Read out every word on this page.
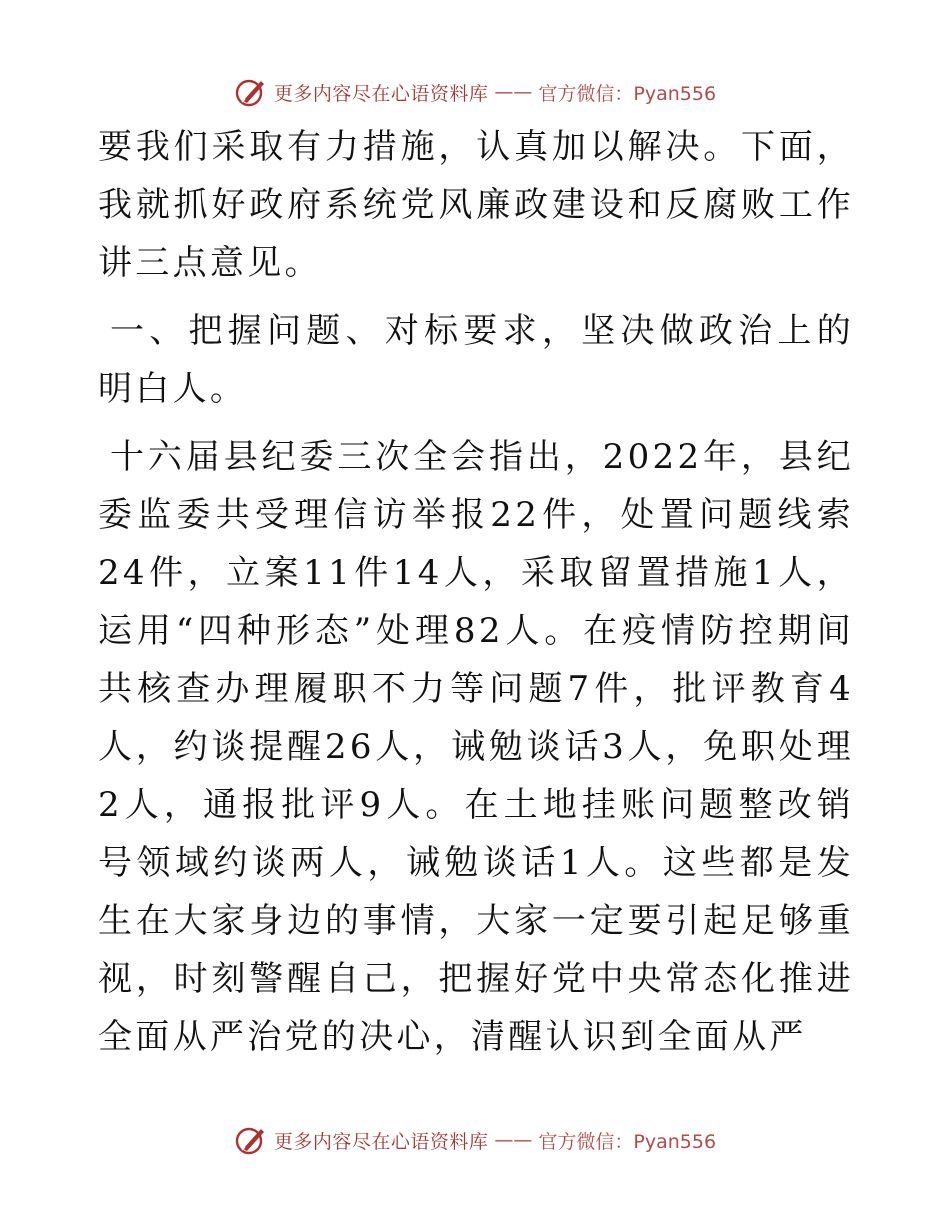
更多内容尽在心语资料库 —— 官方微信：Pyan556

要我们采取有力措施，认真加以解决。下面，我就抓好政府系统党风廉政建设和反腐败工作讲三点意见。

一、把握问题、对标要求，坚决做政治上的明白人。

十六届县纪委三次全会指出，2022年，县纪委监委共受理信访举报22件，处置问题线索24件，立案11件14人，采取留置措施1人，运用“四种形态”处理82人。在疫情防控期间共核查办理履职不力等问题7件，批评教育4人，约谈提醒26人，诫勉谈话3人，免职处理2人，通报批评9人。在土地挂账问题整改销号领域约谈两人，诫勉谈话1人。这些都是发生在大家身边的事情，大家一定要引起足够重视，时刻警醒自己，把握好党中央常态化推进全面从严治党的决心，清醒认识到全面从严

更多内容尽在心语资料库 —— 官方微信：Pyan556
